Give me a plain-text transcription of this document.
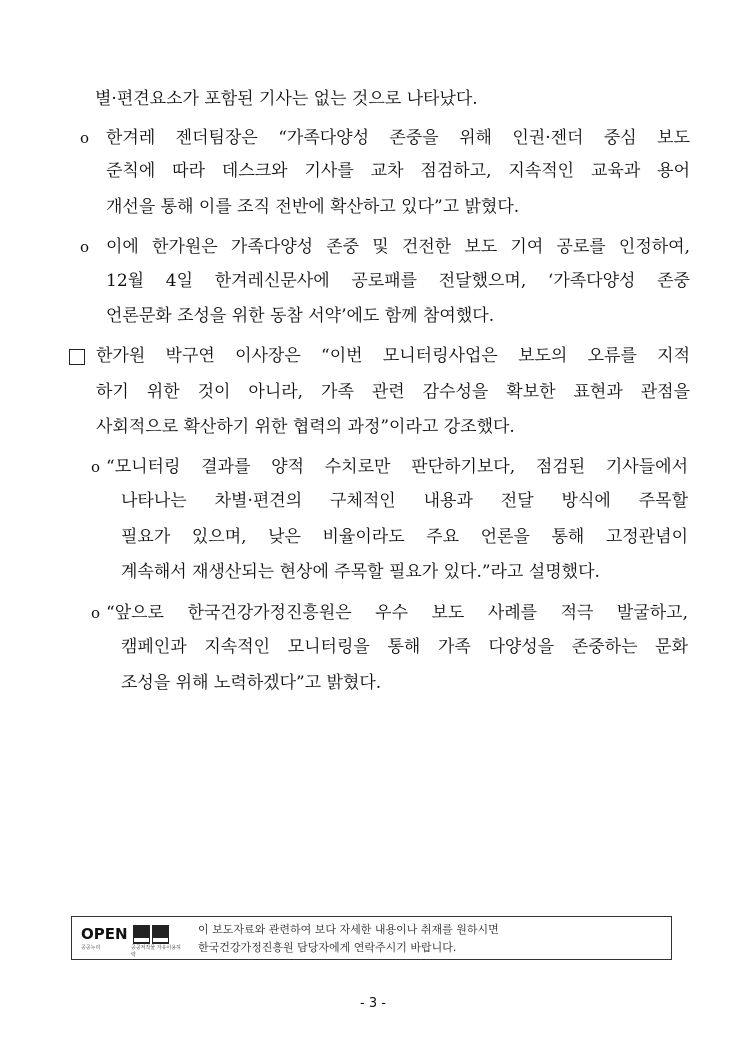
별·편견요소가 포함된 기사는 없는 것으로 나타났다.
o 한겨레 젠더팀장은 “가족다양성 존중을 위해 인권·젠더 중심 보도
준칙에 따라 데스크와 기사를 교차 점검하고, 지속적인 교육과 용어
개선을 통해 이를 조직 전반에 확산하고 있다”고 밝혔다.
o 이에 한가원은 가족다양성 존중 및 건전한 보도 기여 공로를 인정하여,
12월 4일 한겨레신문사에 공로패를 전달했으며, ‘가족다양성 존중
언론문화 조성을 위한 동참 서약’에도 함께 참여했다.
한가원 박구연 이사장은 “이번 모니터링사업은 보도의 오류를 지적
하기 위한 것이 아니라, 가족 관련 감수성을 확보한 표현과 관점을
사회적으로 확산하기 위한 협력의 과정”이라고 강조했다.
o “모니터링 결과를 양적 수치로만 판단하기보다, 점검된 기사들에서
나타나는 차별·편견의 구체적인 내용과 전달 방식에 주목할
필요가 있으며, 낮은 비율이라도 주요 언론을 통해 고정관념이
계속해서 재생산되는 현상에 주목할 필요가 있다.”라고 설명했다.
o “앞으로 한국건강가정진흥원은 우수 보도 사례를 적극 발굴하고,
캠페인과 지속적인 모니터링을 통해 가족 다양성을 존중하는 문화
조성을 위해 노력하겠다”고 밝혔다.
OPEN
공공누리	공공저작물 자유이용허락
이 보도자료와 관련하여 보다 자세한 내용이나 취재를 원하시면
한국건강가정진흥원 담당자에게 연락주시기 바랍니다.
- 3 -
